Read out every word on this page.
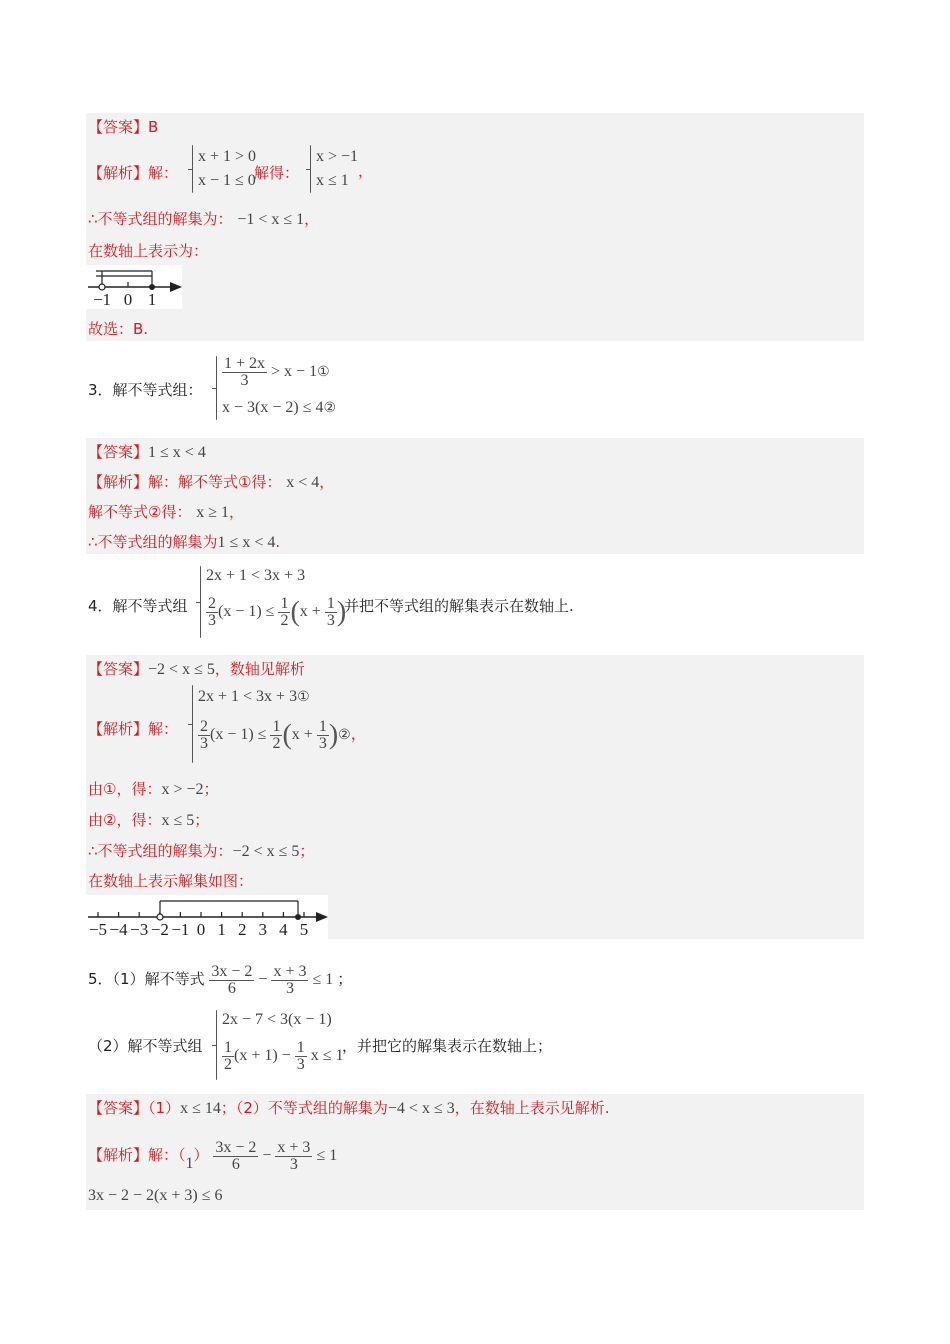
【答案】B
【解析】解：
x + 1 > 0
x − 1 ≤ 0
解得：
x > −1
x ≤ 1
，
∴不等式组的解集为： −1 < x ≤ 1，
在数轴上表示为：
−1 0 1
故选：B.
3．解不等式组：
$\frac{1 + 2x}{3} > x$ − 1①
x − 3(x − 2) ≤ 4②
【答案】1 ≤ x < 4
【解析】解：解不等式①得： x < 4，
解不等式②得： x ≥ 1，
∴不等式组的解集为1 ≤ x < 4.
4．解不等式组
2x + 1 < 3x + 3
$\frac{2}{3} (x - 1) \le \frac{1}{2} (x + \frac{1}{3}$ )
并把不等式组的解集表示在数轴上.
【答案】−2 < x ≤ 5，数轴见解析
【解析】解：
2x + 1 < 3x + 3①
$\frac{2}{3} (x - 1) \le \frac{1}{2} (x + \frac{1}{3}$ )②，
由①，得：x > −2；
由②，得：x ≤ 5；
∴不等式组的解集为：−2 < x ≤ 5；
在数轴上表示解集如图：
−5 −4 −3 −2 −1 0 1 2 3 4 5
5．（1）解不等式 $\frac{3x - 2}{6} - \frac{x + 3}{3} \le 1$ ；
（2）解不等式组
2x − 7 < 3(x − 1)
$\frac{1}{2} (x + 1) - \frac{1}{3}$ x ≤ 1
，并把它的解集表示在数轴上；
【答案】（1）x ≤ 14；（2）不等式组的解集为−4 < x ≤ 3，在数轴上表示见解析.
【解析】解：$(1) \frac{3x - 2}{6} - \frac{x + 3}{3} \le 1$
3x − 2 − 2(x + 3) ≤ 6
